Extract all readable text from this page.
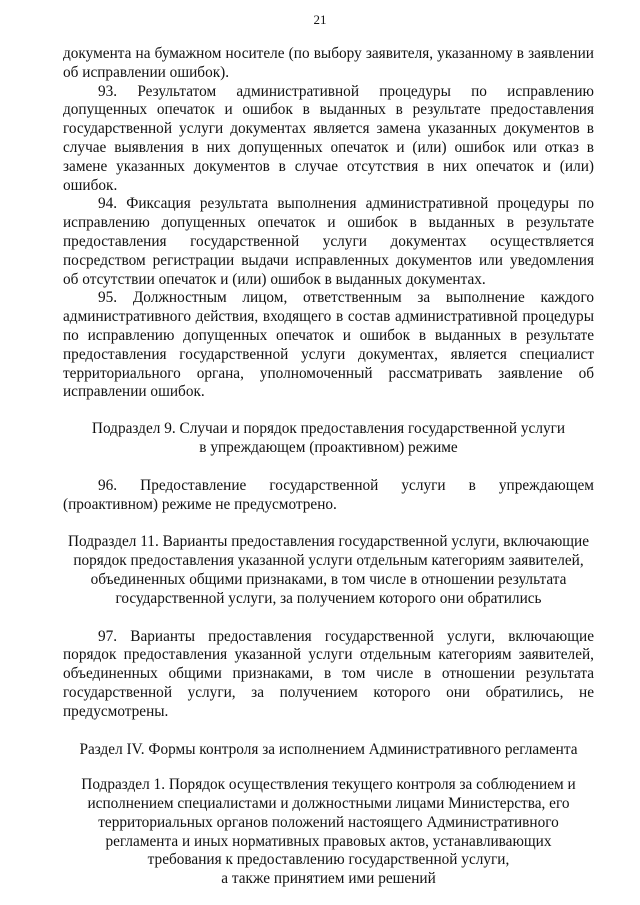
21

документа на бумажном носителе (по выбору заявителя, указанному в заявлении об исправлении ошибок).

93. Результатом административной процедуры по исправлению допущенных опечаток и ошибок в выданных в результате предоставления государственной услуги документах является замена указанных документов в случае выявления в них допущенных опечаток и (или) ошибок или отказ в замене указанных документов в случае отсутствия в них опечаток и (или) ошибок.

94. Фиксация результата выполнения административной процедуры по исправлению допущенных опечаток и ошибок в выданных в результате предоставления государственной услуги документах осуществляется посредством регистрации выдачи исправленных документов или уведомления об отсутствии опечаток и (или) ошибок в выданных документах.

95. Должностным лицом, ответственным за выполнение каждого административного действия, входящего в состав административной процедуры по исправлению допущенных опечаток и ошибок в выданных в результате предоставления государственной услуги документах, является специалист территориального органа, уполномоченный рассматривать заявление об исправлении ошибок.

Подраздел 9. Случаи и порядок предоставления государственной услуги
в упреждающем (проактивном) режиме

96. Предоставление государственной услуги в упреждающем (проактивном) режиме не предусмотрено.

Подраздел 11. Варианты предоставления государственной услуги, включающие
порядок предоставления указанной услуги отдельным категориям заявителей,
объединенных общими признаками, в том числе в отношении результата
государственной услуги, за получением которого они обратились

97. Варианты предоставления государственной услуги, включающие порядок предоставления указанной услуги отдельным категориям заявителей, объединенных общими признаками, в том числе в отношении результата государственной услуги, за получением которого они обратились, не предусмотрены.

Раздел IV. Формы контроля за исполнением Административного регламента
Подраздел 1. Порядок осуществления текущего контроля за соблюдением и
исполнением специалистами и должностными лицами Министерства, его
территориальных органов положений настоящего Административного
регламента и иных нормативных правовых актов, устанавливающих
требования к предоставлению государственной услуги,
а также принятием ими решений
